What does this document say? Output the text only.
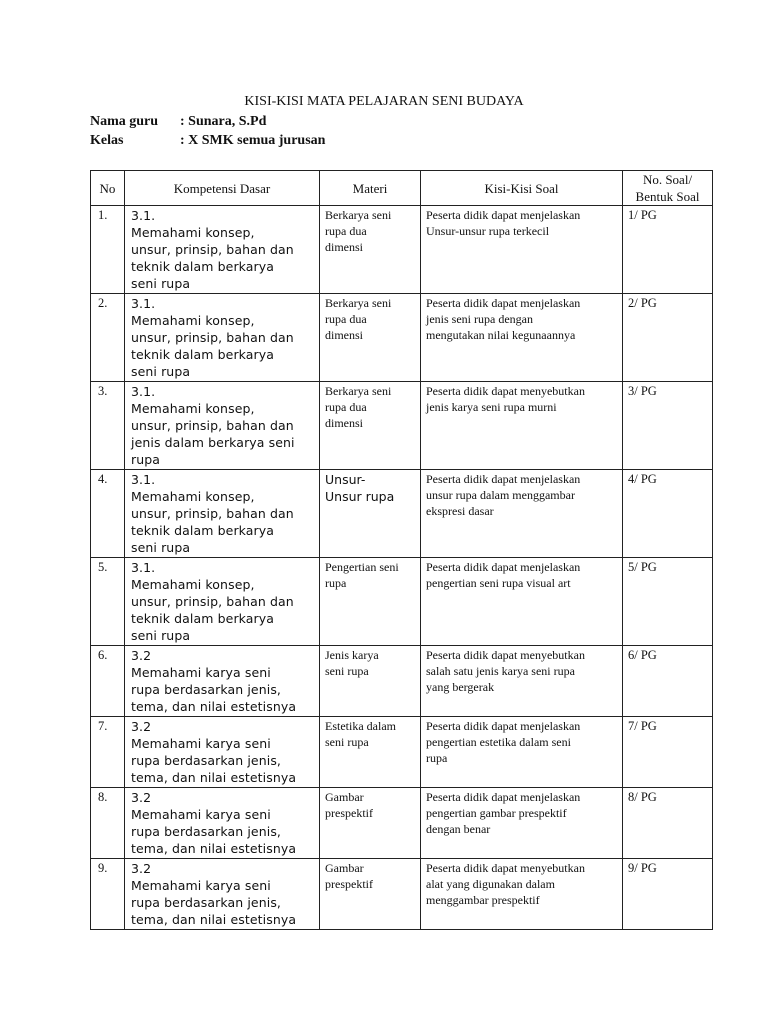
KISI-KISI MATA PELAJARAN SENI BUDAYA
Nama guru : Sunara, S.Pd
Kelas	: X SMK semua jurusan
No	Kompetensi Dasar	Materi	Kisi-Kisi Soal	No. Soal/
Bentuk Soal

1.	3.1.
Memahami konsep,
unsur, prinsip, bahan dan
teknik dalam berkarya
seni rupa	Berkarya seni
rupa dua
dimensi	Peserta didik dapat menjelaskan
Unsur-unsur rupa terkecil	1/ PG
2.	3.1.
Memahami konsep,
unsur, prinsip, bahan dan
teknik dalam berkarya
seni rupa	Berkarya seni
rupa dua
dimensi	Peserta didik dapat menjelaskan
jenis seni rupa dengan
mengutakan nilai kegunaannya	2/ PG
3.	3.1.
Memahami konsep,
unsur, prinsip, bahan dan
jenis dalam berkarya seni
rupa	Berkarya seni
rupa dua
dimensi	Peserta didik dapat menyebutkan
jenis karya seni rupa murni	3/ PG
4.	3.1.
Memahami konsep,
unsur, prinsip, bahan dan
teknik dalam berkarya
seni rupa	Unsur-
Unsur rupa	Peserta didik dapat menjelaskan
unsur rupa dalam menggambar
ekspresi dasar	4/ PG
5.	3.1.
Memahami konsep,
unsur, prinsip, bahan dan
teknik dalam berkarya
seni rupa	Pengertian seni
rupa	Peserta didik dapat menjelaskan
pengertian seni rupa visual art	5/ PG
6.	3.2
Memahami karya seni
rupa berdasarkan jenis,
tema, dan nilai estetisnya	Jenis karya
seni rupa	Peserta didik dapat menyebutkan
salah satu jenis karya seni rupa
yang bergerak	6/ PG
7.	3.2
Memahami karya seni
rupa berdasarkan jenis,
tema, dan nilai estetisnya	Estetika dalam
seni rupa	Peserta didik dapat menjelaskan
pengertian estetika dalam seni
rupa	7/ PG
8.	3.2
Memahami karya seni
rupa berdasarkan jenis,
tema, dan nilai estetisnya	Gambar
prespektif	Peserta didik dapat menjelaskan
pengertian gambar prespektif
dengan benar	8/ PG
9.	3.2
Memahami karya seni
rupa berdasarkan jenis,
tema, dan nilai estetisnya	Gambar
prespektif	Peserta didik dapat menyebutkan
alat yang digunakan dalam
menggambar prespektif	9/ PG
